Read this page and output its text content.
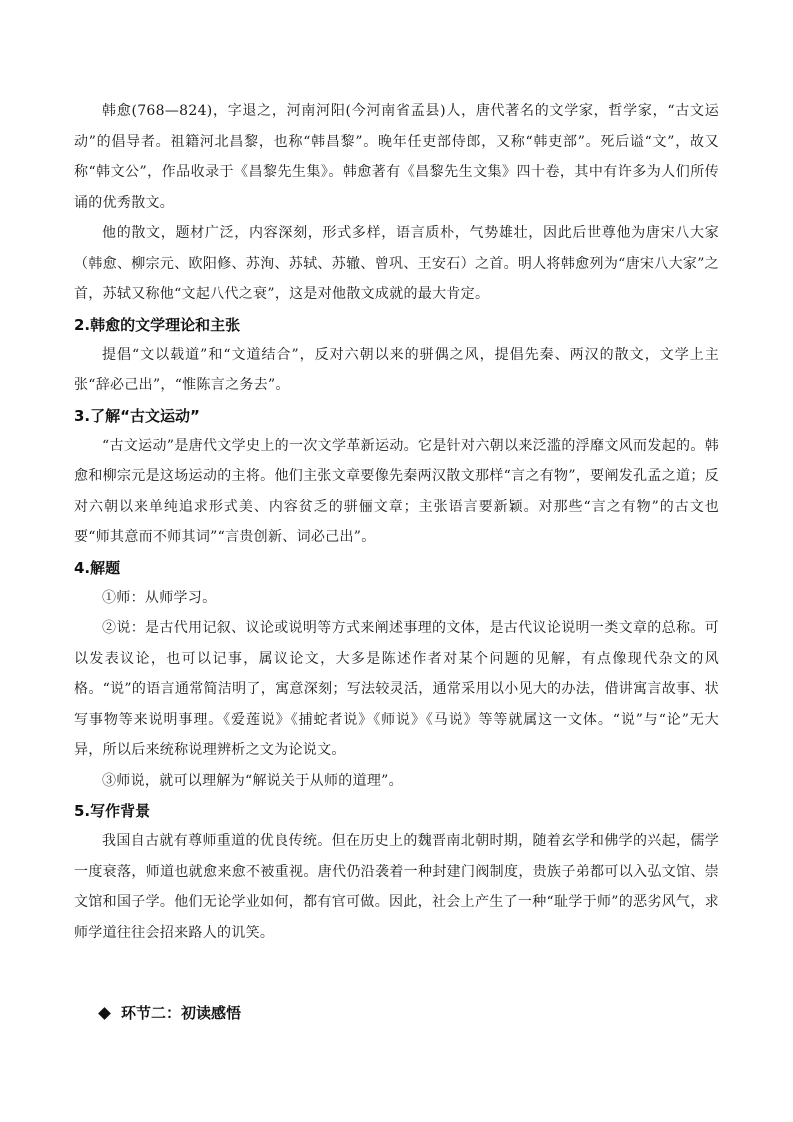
韩愈(768—824)，字退之，河南河阳(今河南省孟县)人，唐代著名的文学家，哲学家，“古文运动”的倡导者。祖籍河北昌黎，也称“韩昌黎”。晚年任吏部侍郎，又称“韩吏部”。死后谥“文”，故又称“韩文公”，作品收录于《昌黎先生集》。韩愈著有《昌黎先生文集》四十卷，其中有许多为人们所传诵的优秀散文。

他的散文，题材广泛，内容深刻，形式多样，语言质朴，气势雄壮，因此后世尊他为唐宋八大家（韩愈、柳宗元、欧阳修、苏洵、苏轼、苏辙、曾巩、王安石）之首。明人将韩愈列为“唐宋八大家”之首，苏轼又称他“文起八代之衰”，这是对他散文成就的最大肯定。

2.韩愈的文学理论和主张

提倡“文以载道”和“文道结合”，反对六朝以来的骈偶之风，提倡先秦、两汉的散文，文学上主张“辞必己出”，“惟陈言之务去”。

3.了解“古文运动”

“古文运动”是唐代文学史上的一次文学革新运动。它是针对六朝以来泛滥的浮靡文风而发起的。韩愈和柳宗元是这场运动的主将。他们主张文章要像先秦两汉散文那样“言之有物”，要阐发孔孟之道；反对六朝以来单纯追求形式美、内容贫乏的骈俪文章；主张语言要新颖。对那些“言之有物”的古文也要“师其意而不师其词”“言贵创新、词必己出”。

4.解题

①师：从师学习。

②说：是古代用记叙、议论或说明等方式来阐述事理的文体，是古代议论说明一类文章的总称。可以发表议论，也可以记事，属议论文，大多是陈述作者对某个问题的见解，有点像现代杂文的风格。“说”的语言通常简洁明了，寓意深刻；写法较灵活，通常采用以小见大的办法，借讲寓言故事、状写事物等来说明事理。《爱莲说》《捕蛇者说》《师说》《马说》等等就属这一文体。“说”与“论”无大异，所以后来统称说理辨析之文为论说文。

③师说，就可以理解为“解说关于从师的道理”。

5.写作背景

我国自古就有尊师重道的优良传统。但在历史上的魏晋南北朝时期，随着玄学和佛学的兴起，儒学一度衰落，师道也就愈来愈不被重视。唐代仍沿袭着一种封建门阀制度，贵族子弟都可以入弘文馆、崇文馆和国子学。他们无论学业如何，都有官可做。因此，社会上产生了一种“耻学于师”的恶劣风气，求师学道往往会招来路人的讥笑。

环节二：初读感悟
